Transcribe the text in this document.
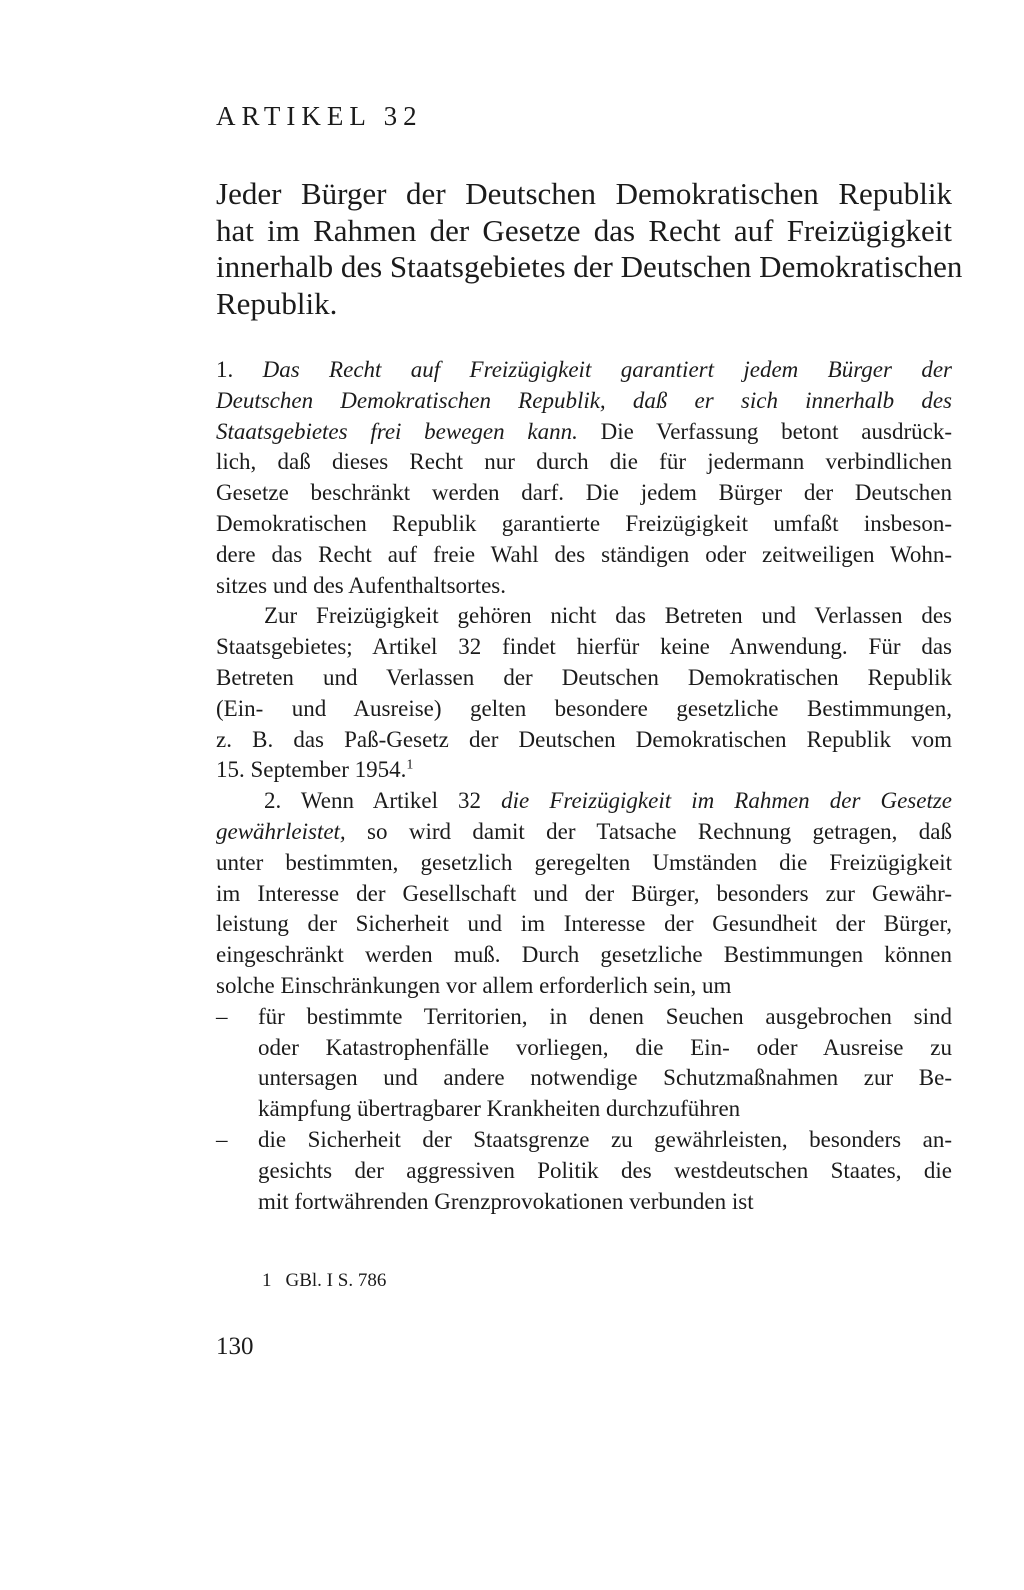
ARTIKEL 32

Jeder Bürger der Deutschen Demokratischen Republik
hat im Rahmen der Gesetze das Recht auf Freizügigkeit
innerhalb des Staatsgebietes der Deutschen Demokratischen
Republik.

1. Das Recht auf Freizügigkeit garantiert jedem Bürger der
Deutschen Demokratischen Republik, daß er sich innerhalb des
Staatsgebietes frei bewegen kann. Die Verfassung betont ausdrück-
lich, daß dieses Recht nur durch die für jedermann verbindlichen
Gesetze beschränkt werden darf. Die jedem Bürger der Deutschen
Demokratischen Republik garantierte Freizügigkeit umfaßt insbeson-
dere das Recht auf freie Wahl des ständigen oder zeitweiligen Wohn-
sitzes und des Aufenthaltsortes.
Zur Freizügigkeit gehören nicht das Betreten und Verlassen des
Staatsgebietes; Artikel 32 findet hierfür keine Anwendung. Für das
Betreten und Verlassen der Deutschen Demokratischen Republik
(Ein- und Ausreise) gelten besondere gesetzliche Bestimmungen,
z. B. das Paß-Gesetz der Deutschen Demokratischen Republik vom
15. September 1954.$^1$
2. Wenn Artikel 32 die Freizügigkeit im Rahmen der Gesetze
gewährleistet, so wird damit der Tatsache Rechnung getragen, daß
unter bestimmten, gesetzlich geregelten Umständen die Freizügigkeit
im Interesse der Gesellschaft und der Bürger, besonders zur Gewähr-
leistung der Sicherheit und im Interesse der Gesundheit der Bürger,
eingeschränkt werden muß. Durch gesetzliche Bestimmungen können
solche Einschränkungen vor allem erforderlich sein, um
– für bestimmte Territorien, in denen Seuchen ausgebrochen sind
oder Katastrophenfälle vorliegen, die Ein- oder Ausreise zu
untersagen und andere notwendige Schutzmaßnahmen zur Be-
kämpfung übertragbarer Krankheiten durchzuführen
– die Sicherheit der Staatsgrenze zu gewährleisten, besonders an-
gesichts der aggressiven Politik des westdeutschen Staates, die
mit fortwährenden Grenzprovokationen verbunden ist
1 GBl. I S. 786
130
